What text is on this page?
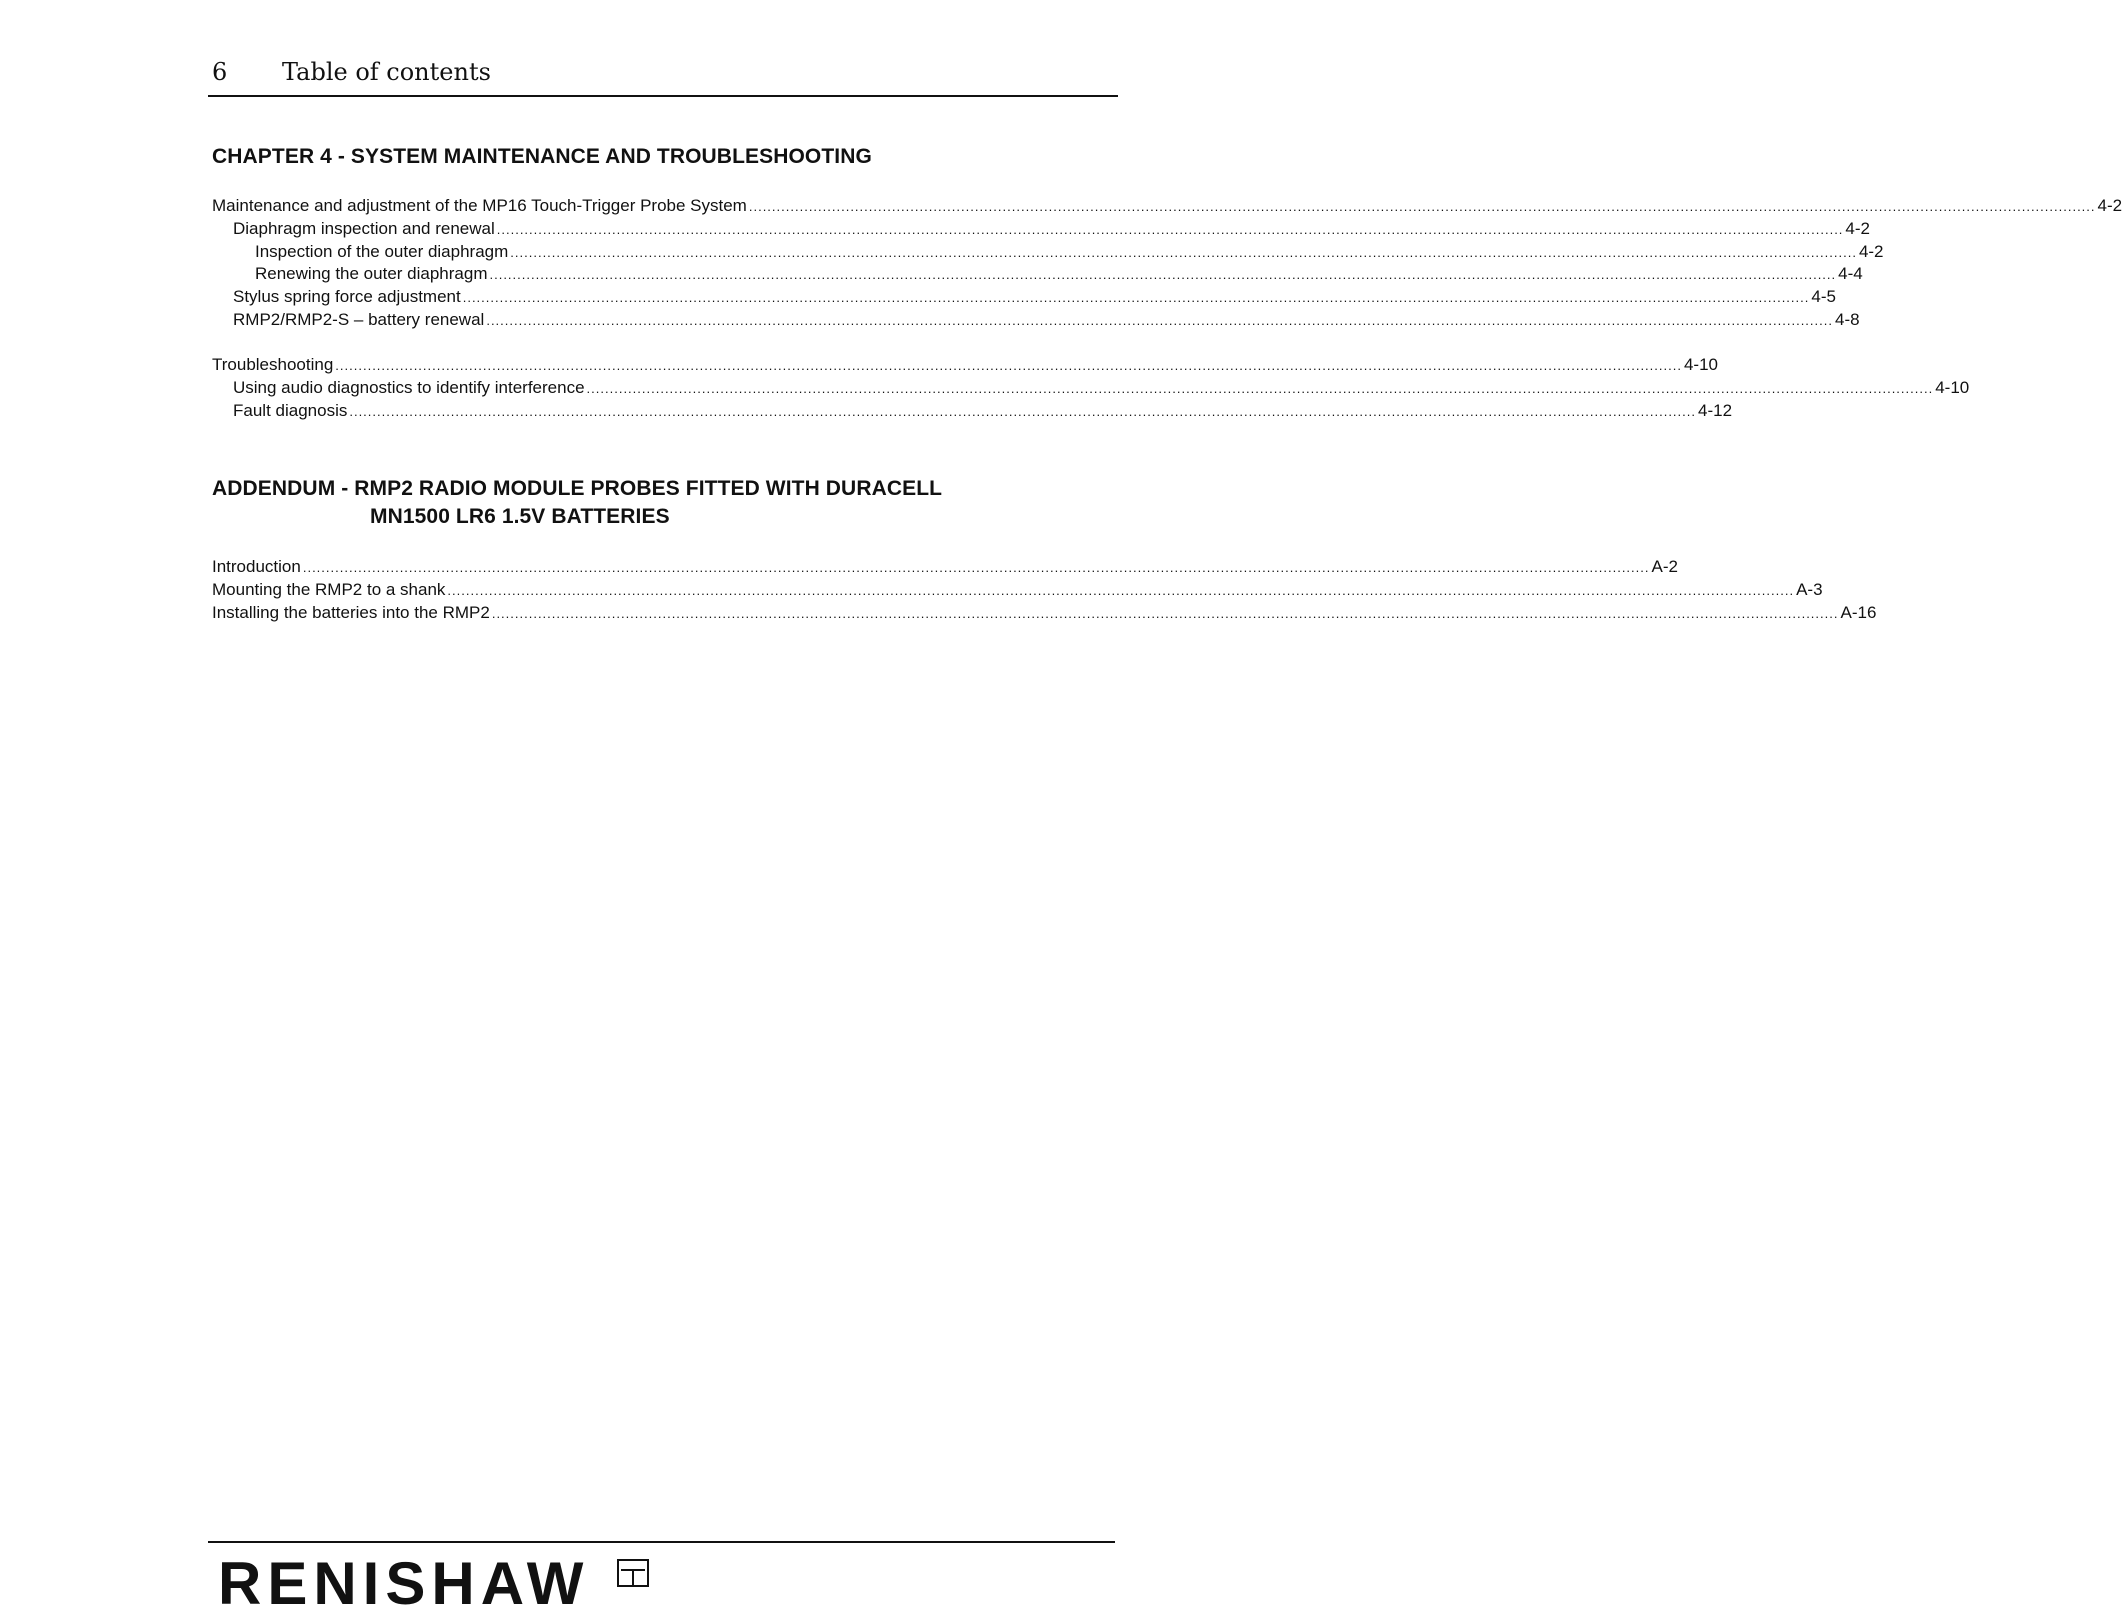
6 Table of contents
CHAPTER 4 - SYSTEM MAINTENANCE AND TROUBLESHOOTING
Maintenance and adjustment of the MP16 Touch-Trigger Probe System .....	4-2
Diaphragm inspection and renewal .....	4-2
Inspection of the outer diaphragm .....	4-2
Renewing the outer diaphragm .....	4-4
Stylus spring force adjustment .....	4-5
RMP2/RMP2-S – battery renewal .....	4-8
Troubleshooting .....	4-10
Using audio diagnostics to identify interference .....	4-10
Fault diagnosis .....	4-12
ADDENDUM - RMP2 RADIO MODULE PROBES FITTED WITH DURACELL
MN1500 LR6 1.5V BATTERIES
Introduction .....	A-2
Mounting the RMP2 to a shank .....	A-3
Installing the batteries into the RMP2 .....	A-16
RENISHAW
